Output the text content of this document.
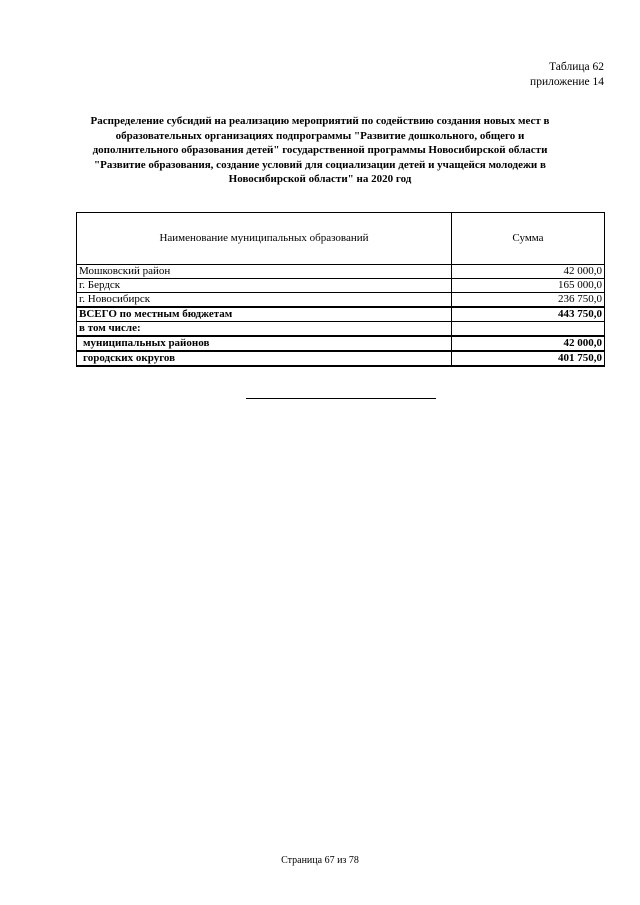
Таблица 62
приложение 14
Распределение субсидий на реализацию мероприятий по содействию создания новых мест в
образовательных организациях подпрограммы "Развитие дошкольного, общего и
дополнительного образования детей" государственной программы Новосибирской области
"Развитие образования, создание условий для социализации детей и учащейся молодежи в
Новосибирской области" на 2020 год
Наименование муниципальных образований	Сумма
Мошковский район	42 000,0
г. Бердск	165 000,0
г. Новосибирск	236 750,0
ВСЕГО по местным бюджетам	443 750,0
в том числе:	
муниципальных районов	42 000,0
городских округов	401 750,0
Страница 67 из 78
